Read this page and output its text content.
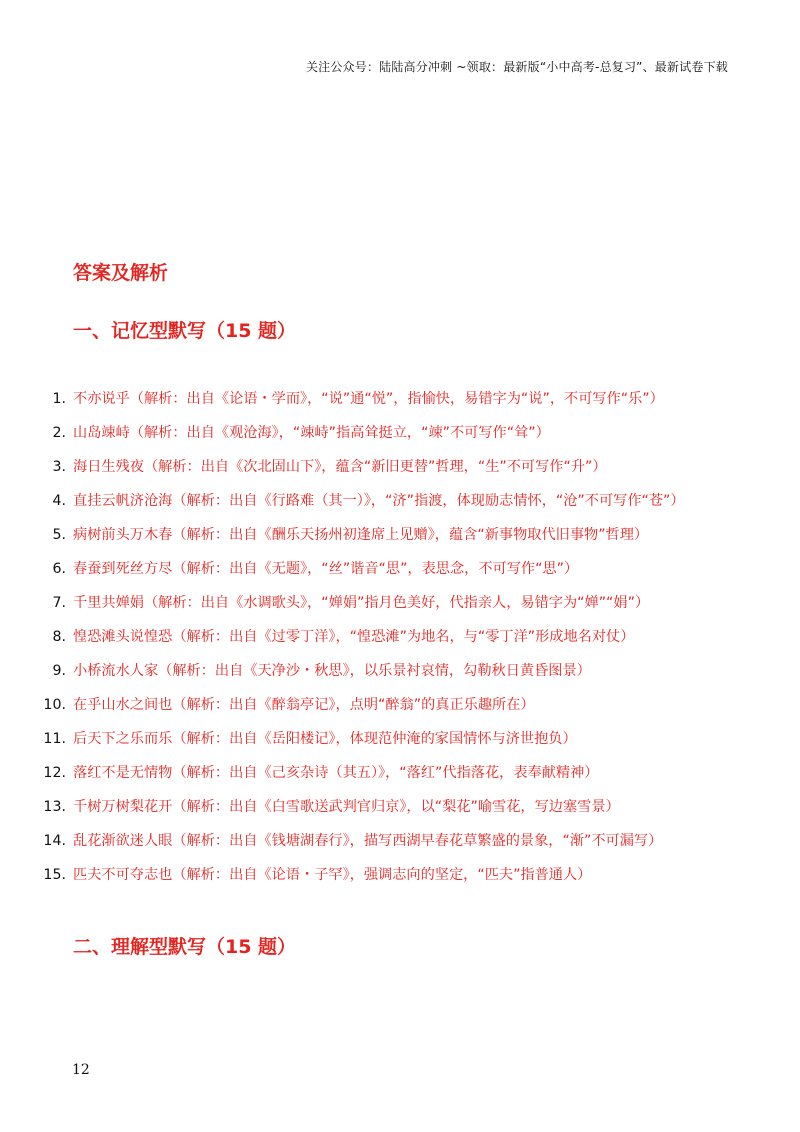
关注公众号：陆陆高分冲刺 ~领取：最新版“小中高考-总复习”、最新试卷下载
答案及解析
一、记忆型默写（15 题）
1. 不亦说乎（解析：出自《论语・学而》，“说”通“悦”，指愉快，易错字为“说”，不可写作“乐”）
2. 山岛竦峙（解析：出自《观沧海》，“竦峙”指高耸挺立，“竦”不可写作“耸”）
3. 海日生残夜（解析：出自《次北固山下》，蕴含“新旧更替”哲理，“生”不可写作“升”）
4. 直挂云帆济沧海（解析：出自《行路难（其一）》，“济”指渡，体现励志情怀，“沧”不可写作“苍”）
5. 病树前头万木春（解析：出自《酬乐天扬州初逢席上见赠》，蕴含“新事物取代旧事物”哲理）
6. 春蚕到死丝方尽（解析：出自《无题》，“丝”谐音“思”，表思念，不可写作“思”）
7. 千里共婵娟（解析：出自《水调歌头》，“婵娟”指月色美好，代指亲人，易错字为“婵”“娟”）
8. 惶恐滩头说惶恐（解析：出自《过零丁洋》，“惶恐滩”为地名，与“零丁洋”形成地名对仗）
9. 小桥流水人家（解析：出自《天净沙・秋思》，以乐景衬哀情，勾勒秋日黄昏图景）
10. 在乎山水之间也（解析：出自《醉翁亭记》，点明“醉翁”的真正乐趣所在）
11. 后天下之乐而乐（解析：出自《岳阳楼记》，体现范仲淹的家国情怀与济世抱负）
12. 落红不是无情物（解析：出自《己亥杂诗（其五）》，“落红”代指落花，表奉献精神）
13. 千树万树梨花开（解析：出自《白雪歌送武判官归京》，以“梨花”喻雪花，写边塞雪景）
14. 乱花渐欲迷人眼（解析：出自《钱塘湖春行》，描写西湖早春花草繁盛的景象，“渐”不可漏写）
15. 匹夫不可夺志也（解析：出自《论语・子罕》，强调志向的坚定，“匹夫”指普通人）
二、理解型默写（15 题）
12
